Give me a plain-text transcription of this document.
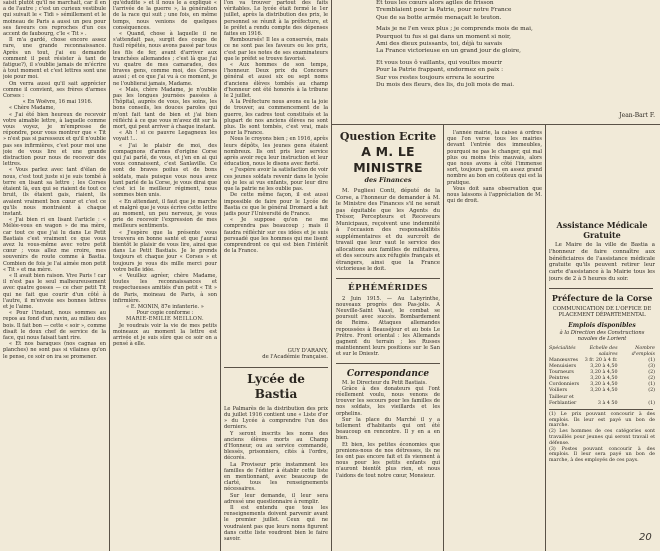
saisit plutôt qu'il ne marchait, car il en a de l'autre ; c'est un curieux vestibule qui suivait le « Tidi » sémillement et le moineau de Paris a aussi un peu pour ses faveurs ces reproches d'un ces accent de faubourg, c'le « Tit » .

Il m'a gardé, chose encore assez rare, une grande reconnaissance. Après un tout, j'ai eu demande comment il peut résister à tant de fatigue?), il s'oublie jamais de m'écrire à tout moment et c'est lettres sont une joie pour moi.

On verra aussi qu'il sait apprécier comme il convient, ses frères d'armes Corses :

« En Woëvre, 16 mai 1916.

« Chère Madame,

« J'ai été bien heureux de recevoir votre aimable lettre, à laquelle comme vous voyez, je m'empresse de répondre, pour vous montrer que « Tit » n'est pas si paresseux et qu'il n'oublie pas ses infirmières, c'est pour moi une joie de vous lire et une grande distraction pour nous de recevoir des lettres.

« Vous parlez avec tant d'élan de nous, c'est tout juste si je suis tombé à terre en lisant sa lettre ; les Corses étaient là, eux qui se riaient de tout ce bruit, ils étaient gais, riaient, ils avaient vraiment bon cœur et c'est ce qu'ils nous montraient à chaque instant.

« J'ai bien ri en lisant l'article : « Mélée-vous en wagon » de ma mère, car tout ce que j'ai lu dans Le Petit Bastiais c'est vraiment ce que vous avez lu vous-même avec votre petit cœur ; vous allez me croire, mes souvenirs de route comme à Bastia. Combien de fois je l'ai aimée mon petit « Tit » et ma mère.

« Il avait bien raison. Vive Paris ! car il n'est pas le seul malheureusement avec quatre gosses — ce cher petit Tit qui ne fait que courir d'un côté à l'autre, il m'envoie ses bonnes lettres et je l'aime.

« Pour l'instant, nous sommes au repos au fond d'un ravin, au milieu des bois. Il fait bon — cette « soir », comme disait le doux chef de service de la face, qui nous faisait tant rire.

« Et nos baraques (nos cagnas en planches) ne sont pas si vilaines qu'on le pense, ce soir on ira se promener.

qu'édudite » et il nous le a expliqué « l'arrivée de la guerre », la génération de la race qui suit ; une fois, en même temps, nous venions de quelques conséquences.

« Quand, chose à laquelle il ne s'attendait pas, surgit des coups de fusil répétés, nous avons passé par tous les fils de fer, avant d'arriver aux tranchées allemandes ; c'est là que j'ai vu quatre de mes camarades, des braves gens, comme moi, des Corses aussi ; et ce que j'ai vu à ce moment, je ne l'oublierai jamais, Madame.

« Mais, chère Madame, je n'oublie pas les longues journées passées à l'hôpital, auprès de vous, les soins, les bons conseils, les douces paroles qui m'ont fait tant de bien et j'ai bien réfléchi à ce que vous m'avez dit sur la mort, qui peut arriver à chaque instant.

« Ah ! si ce pauvre Legagneux les voyait !...

« J'ai le plaisir de moi, des compagnons d'armes d'origine Corse qui j'ai parlé, de vous, et j'en en ai qui vous connaissent, c'est Sanlaville. Ce sont de braves poilus et de bons soldats, mais puisque vous nous avez tant parlé de la Corse, je vous dirai que c'est ici le meilleur régiment, nous sommes bien unis.

« En attendant, il faut que je marche et malgré que je vous écrive cette lettre au moment, un peu nerveux, je vous prie de recevoir l'expression de mes meilleurs sentiments.

« J'espère que la présente vous trouvera en bonne santé et que j'aurai bientôt le plaisir de vous lire, ainsi que dans Le Petit Bastiais. Je le prends toujours et chaque jour « Corses » et toujours je vous dis mille merci pour votre belle idée.

« Veuillez agréer, chère Madame, toutes les reconnaissances et respectueuses amitiés d'un petit « Tit » de Paris, moineau de Paris, à son infirmière.

« E. MONIN, 87e infanterie. »

Pour copie conforme :

MARIE-EMILIE MEILLON.

Je voudrais voir la vie de mes petits moineaux au moment la lettre est arrivée et je suis sûre que ce soir on a pensé à elle.

l'on va trouver partout des faits véritables. Le lycée était fermé le 1er juillet, après la distribution des prix, le personnel se réunit à la préfecture, et le préfet a rendu compte des dépenses faites en 1916.

Remboursés! Il les a conservés, mais ce ne sont pas les faveurs ou les prix, c'est par les notes de ses examinateurs que le préfet se trouve favorisé.

« Aux hommes de son temps, l'honneur. Deux prix du Concours général et aussi six ou sept noms d'anciens élèves tombés au champ d'honneur ont été honorés à la tribune le 2 juillet.

A la Préfecture nous avons eu la joie de trouver, au commencement de la guerre, les cadres tout constitués et la plupart de nos anciens élèves ne sont plus. Ils sont tombés, c'est vrai, mais pour la France.

Nous le croyons bien ; en 1916, après leurs dépôts, les jeunes gens étaient nombreux. Ils ont pris leur service après avoir reçu leur instruction et leur éducation, nous le disons avec fierté.

« J'espère avoir la satisfaction de voir ces jeunes soldats revenir dans le lycée où je les ai vus enfants, pour leur dire que la patrie ne les oublie pas.

De cette même façon, il est aussi impossible de faire pour le Lycée de Bastia ce que le général Dromard a fait jadis pour l'Université de France.

« Je suppose qu'on ne me comprendra pas beaucoup ; mais il faudra réfléchir sur ces idées et je suis persuadé que les hommes qui me lisent comprendront ce qui est bien l'intérêt de la France.

GUY D'ARANY,
de l'Académie française.

Lycée de Bastia

Le Palmarès de la distribution des prix du juillet 1916 contient une « Liste d'or » du Lycée à comprendre l'un des derniers.

Y seront inscrits les noms des anciens élèves morts au Champ d'Honneur, ou au service commandé, blessés, prisonniers, cités à l'ordre, décorés.

La Proviseur prie instamment les familles de l'éditer à établir cette liste en mentionnant, avec beaucoup de clarté, tous les renseignements nécessaires.

Sur leur demande, il leur sera adressé une questionnaire à remplir.

Il est entendu que tous les renseignements doivent parvenir avant le premier juillet. Ceux qui ne voudraient pas que leurs noms figurent dans cette liste voudront bien le faire savoir.

Et tous les cœurs alors agiles de frisson

Tremblaient pour la Patrie, pour notre France

Que de sa botte armée menaçait le teuton.

Mais je ne l'en veux plus ; je comprends mois de mai,

Pourquoi tu fus si gai dans un moment si noir,

Ami des dieux puissants, toi, déjà tu savais

La France victorieuse en un grand jour de gloire,

Et vous tous ô vaillants, qui voultes mourir

Pour la Patrie frappant, endormez en paix :

Sur vos restes toujours errera le sourire

Du mois des fleurs, des lis, du joli mois de mai.

Jean-Bart F.

Question Ecrite

A M. LE MINISTRE

des Finances

M. Pugliesi Conti, député de la Corse, a l'honneur de demander à M. le Ministre des Finances s'il ne serait pas équitable que les Agents du Trésor, Percepteurs et Receveurs Municipaux, reçoivent une indemnité à l'occasion des responsabilités supplémentaires et du surcroît de travail que leur vaut le service des allocations aux familles de militaires, et des secours aux réfugiés français et étrangers, ainsi que la France victorieuse le doit.

ÉPHÉMÉRIDES

2 Juin 1915. — Au Labyrinthe, nouveaux progrès des Pas-jolis. A Neuville-Saint Vaast, le combat se poursuit avec succès. Bombardement de Reims. Attaques allemandes repoussées à Beauséjour et au bois Le Prêtre. Front oriental : les Allemands gagnent du terrain ; les Russes maintiennent leurs positions sur le San et sur le Dniestr.

Correspondance

M. le Directeur du Petit Bastiais.

Grâce à des donateurs qui l'ont réellement voulu, nous venons de trouver les secours pour les familles de nos soldats, les vieillards et les orphelins.

Sur la place du Marché il y a tellement d'habitants qui ont été beaucoup en rencontre. Il y en a en bien.

Et bien, les petites économies que prenions-nous de nos détresses, ils ne les ont pas encore fait et ils viennent à nous pour les petits enfants qui n'auront bientôt plus rien, et nous l'aidons de tout notre cœur, Monsieur.

l'année mairie, la caisse à ordres que l'on verse tous les mairies devant l'entrée des immeubles, pourquoi ne pas le changer, qui mal plus ou moins très mauvais, alors que nous avons à côté l'immense sort, toujours garni, en assez grand nombre au bon en coûteux qui est la pratique.

Vous doit sans observation que nous laissons à l'appréciation de M. qui de droit.

Assistance Médicale Gratuite

Le Maire de la ville de Bastia a l'honneur de faire connaître aux bénéficiaires de l'assistance médicale gratuite qu'ils peuvent retirer leur carte d'assistance à la Mairie tous les jours de 2 à 5 heures du soir.

Préfecture de la Corse

COMMUNICATION DE L'OFFICE DE PLACEMENT DÉPARTEMENTAL

Emplois disponibles

à la Direction des Constructions navales de Lorient

Spécialités	Echelle des salaires	Nombre d'emplois
Manœuvres	3 fr. 20 à 4 fr.	(1)
Menuisiers	3,20 à 4,50	(3)
Tourneurs	3,20 à 4,50	(2)
Peintres	3,20 à 4,50	(2)
Cordonniers	3,20 à 4,50	(1)
Voiliers	3,20 à 4,50	(2)
Tailleur et		
Ferblantier	3 à 4 50	(1)

(1) Le prix pouvant concourir à des emplois. Ils leur est payé un bon de marche.

(2) Les hommes de ces catégories sont travaillés pour jeunes qui seront travail et défense.

(3) Postes pouvant concourir à des emplois. Il leur sera payé un bon de marche, à des employés de ces pays.

20
